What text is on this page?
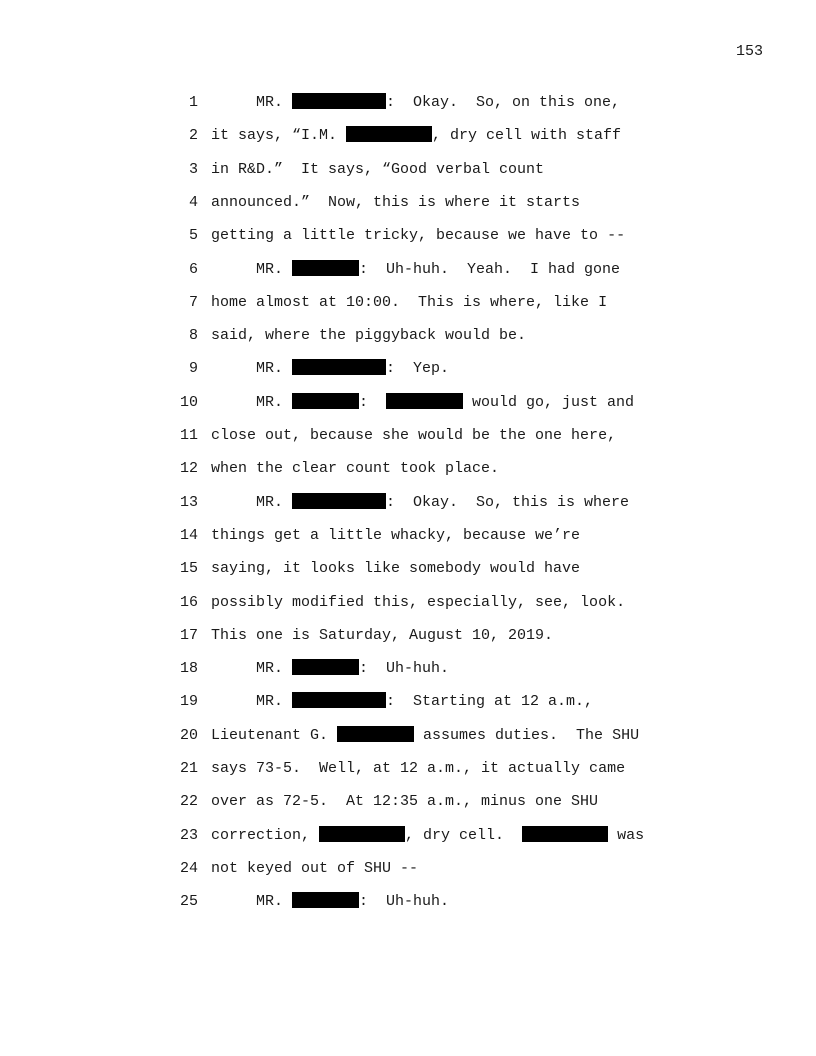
153
1 MR.	:  Okay.  So, on this one,
2 it says, “I.M.	, dry cell with staff
3 in R&D.”  It says, “Good verbal count
4 announced.”  Now, this is where it starts
5 getting a little tricky, because we have to --
6 MR.	:  Uh-huh.  Yeah.  I had gone
7 home almost at 10:00.  This is where, like I
8 said, where the piggyback would be.
9 MR.	:  Yep.
10 MR.	:	would go, just and
11 close out, because she would be the one here,
12 when the clear count took place.
13 MR.	:  Okay.  So, this is where
14 things get a little whacky, because we’re
15 saying, it looks like somebody would have
16 possibly modified this, especially, see, look.
17 This one is Saturday, August 10, 2019.
18 MR.	:  Uh-huh.
19 MR.	:  Starting at 12 a.m.,
20 Lieutenant G.	assumes duties.  The SHU
21 says 73-5.  Well, at 12 a.m., it actually came
22 over as 72-5.  At 12:35 a.m., minus one SHU
23 correction,	, dry cell.	was
24 not keyed out of SHU --
25 MR.	:  Uh-huh.
